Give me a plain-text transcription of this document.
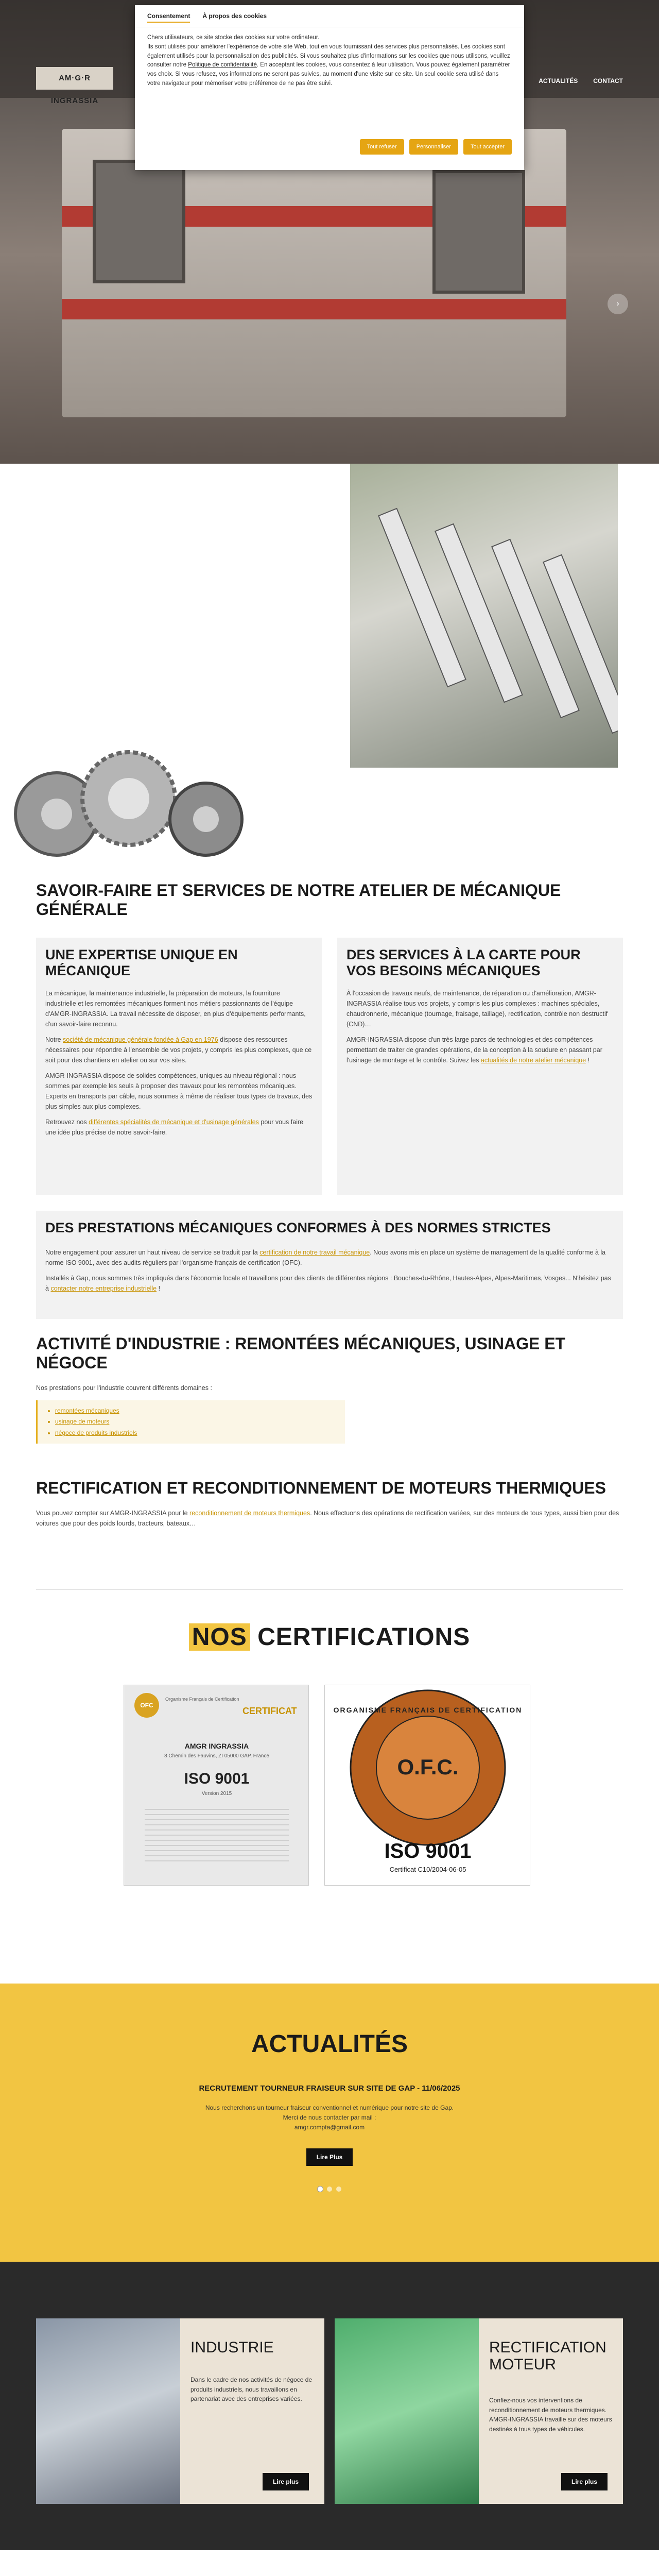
AM·G·R INGRASSIA
ACTUALITÉS	CONTACT
›
Consentement À propos des cookies

Chers utilisateurs, ce site stocke des cookies sur votre ordinateur.

Ils sont utilisés pour améliorer l'expérience de votre site Web, tout en vous fournissant des services plus personnalisés. Les cookies sont également utilisés pour la personnalisation des publicités. Si vous souhaitez plus d'informations sur les cookies que nous utilisons, veuillez consulter notre Politique de confidentialité. En acceptant les cookies, vous consentez à leur utilisation. Vous pouvez également paramétrer vos choix. Si vous refusez, vos informations ne seront pas suivies, au moment d'une visite sur ce site. Un seul cookie sera utilisé dans votre navigateur pour mémoriser votre préférence de ne pas être suivi.

Tout refuser	Personnaliser	Tout accepter
SAVOIR-FAIRE ET SERVICES DE NOTRE ATELIER DE MÉCANIQUE GÉNÉRALE
UNE EXPERTISE UNIQUE EN MÉCANIQUE

La mécanique, la maintenance industrielle, la préparation de moteurs, la fourniture industrielle et les remontées mécaniques forment nos métiers passionnants de l'équipe d'AMGR-INGRASSIA. La travail nécessite de disposer, en plus d'équipements performants, d'un savoir-faire reconnu.

Notre société de mécanique générale fondée à Gap en 1976 dispose des ressources nécessaires pour répondre à l'ensemble de vos projets, y compris les plus complexes, que ce soit pour des chantiers en atelier ou sur vos sites.

AMGR-INGRASSIA dispose de solides compétences, uniques au niveau régional : nous sommes par exemple les seuls à proposer des travaux pour les remontées mécaniques. Experts en transports par câble, nous sommes à même de réaliser tous types de travaux, des plus simples aux plus complexes.

Retrouvez nos différentes spécialités de mécanique et d'usinage générales pour vous faire une idée plus précise de notre savoir-faire.

DES SERVICES À LA CARTE POUR VOS BESOINS MÉCANIQUES

À l'occasion de travaux neufs, de maintenance, de réparation ou d'amélioration, AMGR-INGRASSIA réalise tous vos projets, y compris les plus complexes : machines spéciales, chaudronnerie, mécanique (tournage, fraisage, taillage), rectification, contrôle non destructif (CND)…

AMGR-INGRASSIA dispose d'un très large parcs de technologies et des compétences permettant de traiter de grandes opérations, de la conception à la soudure en passant par l'usinage de montage et le contrôle. Suivez les actualités de notre atelier mécanique !

DES PRESTATIONS MÉCANIQUES CONFORMES À DES NORMES STRICTES

Notre engagement pour assurer un haut niveau de service se traduit par la certification de notre travail mécanique. Nous avons mis en place un système de management de la qualité conforme à la norme ISO 9001, avec des audits réguliers par l'organisme français de certification (OFC).

Installés à Gap, nous sommes très impliqués dans l'économie locale et travaillons pour des clients de différentes régions : Bouches-du-Rhône, Hautes-Alpes, Alpes-Maritimes, Vosges... N'hésitez pas à contacter notre entreprise industrielle !

ACTIVITÉ D'INDUSTRIE : REMONTÉES MÉCANIQUES, USINAGE ET NÉGOCE

Nos prestations pour l'industrie couvrent différents domaines :

• remontées mécaniques
• usinage de moteurs
• négoce de produits industriels
RECTIFICATION ET RECONDITIONNEMENT DE MOTEURS THERMIQUES

Vous pouvez compter sur AMGR-INGRASSIA pour le reconditionnement de moteurs thermiques. Nous effectuons des opérations de rectification variées, sur des moteurs de tous types, aussi bien pour des voitures que pour des poids lourds, tracteurs, bateaux…

NOS CERTIFICATIONS
OFC
Organisme Français de Certification
CERTIFICAT
AMGR INGRASSIA
8 Chemin des Fauvins, ZI 05000 GAP, France
ISO 9001
Version 2015
ORGANISME FRANÇAIS DE CERTIFICATION
O.F.C.
ISO 9001
Certificat C10/2004-06-05
ACTUALITÉS
RECRUTEMENT TOURNEUR FRAISEUR SUR SITE DE GAP - 11/06/2025
Nous recherchons un tourneur fraiseur conventionnel et numérique pour notre site de Gap.
Merci de nous contacter par mail :
amgr.compta@gmail.com
Lire Plus
INDUSTRIE

Dans le cadre de nos activités de négoce de produits industriels, nous travaillons en partenariat avec des entreprises variées.

Lire plus
RECTIFICATION MOTEUR

Confiez-nous vos interventions de reconditionnement de moteurs thermiques. AMGR-INGRASSIA travaille sur des moteurs destinés à tous types de véhicules.

Lire plus
